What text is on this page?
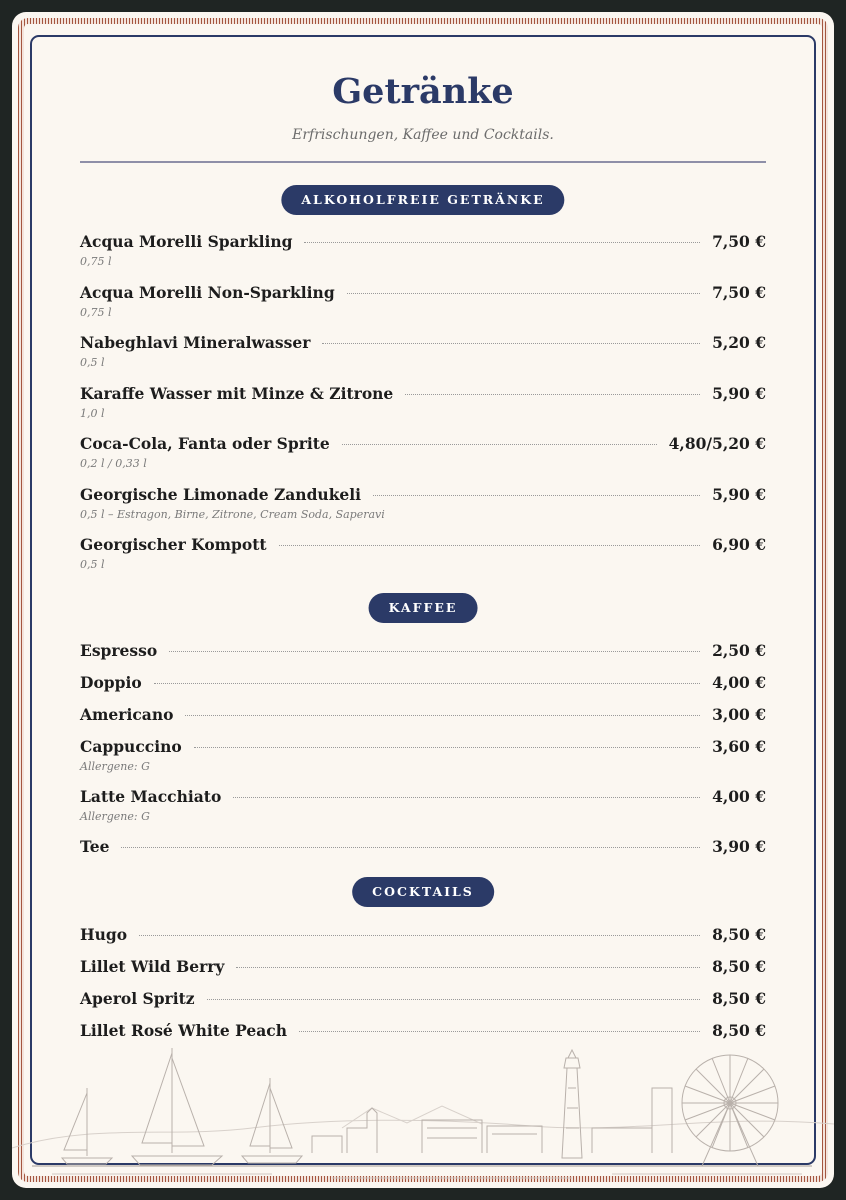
Getränke
Erfrischungen, Kaffee und Cocktails.
ALKOHOLFREIE GETRÄNKE
Acqua Morelli Sparkling	7,50 €
0,75 l
Acqua Morelli Non-Sparkling	7,50 €
0,75 l
Nabeghlavi Mineralwasser	5,20 €
0,5 l
Karaffe Wasser mit Minze & Zitrone	5,90 €
1,0 l
Coca-Cola, Fanta oder Sprite	4,80/5,20 €
0,2 l / 0,33 l
Georgische Limonade Zandukeli	5,90 €
0,5 l – Estragon, Birne, Zitrone, Cream Soda, Saperavi
Georgischer Kompott	6,90 €
0,5 l
KAFFEE
Espresso	2,50 €
Doppio	4,00 €
Americano	3,00 €
Cappuccino	3,60 €
Allergene: G
Latte Macchiato	4,00 €
Allergene: G
Tee	3,90 €
COCKTAILS
Hugo	8,50 €
Lillet Wild Berry	8,50 €
Aperol Spritz	8,50 €
Lillet Rosé White Peach	8,50 €
